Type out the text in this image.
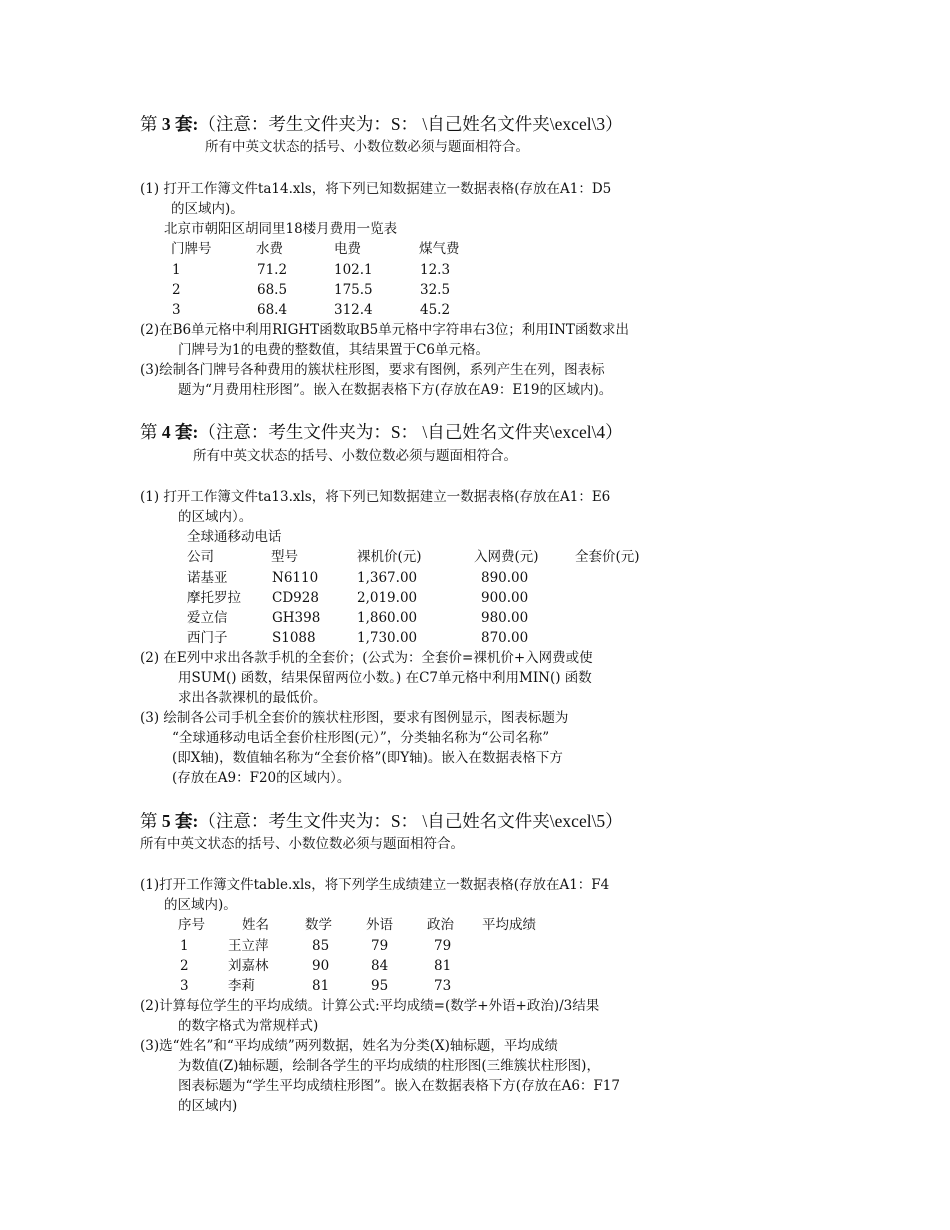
第 3 套:（注意：考生文件夹为：S： \自己姓名文件夹\excel\3）
所有中英文状态的括号、小数位数必须与题面相符合。
(1) 打开工作簿文件ta14.xls，将下列已知数据建立一数据表格(存放在A1：D5
的区域内)。
北京市朝阳区胡同里18楼月费用一览表
门牌号	水费	电费	煤气费
1	71.2	102.1	12.3
2	68.5	175.5	32.5
3	68.4	312.4	45.2
(2)在B6单元格中利用RIGHT函数取B5单元格中字符串右3位；利用INT函数求出
门牌号为1的电费的整数值，其结果置于C6单元格。
(3)绘制各门牌号各种费用的簇状柱形图，要求有图例，系列产生在列，图表标
题为“月费用柱形图”。嵌入在数据表格下方(存放在A9：E19的区域内)。
第 4 套:（注意：考生文件夹为：S： \自己姓名文件夹\excel\4）
所有中英文状态的括号、小数位数必须与题面相符合。
(1) 打开工作簿文件ta13.xls，将下列已知数据建立一数据表格(存放在A1：E6
的区域内）。
全球通移动电话
公司	型号	裸机价(元)	入网费(元)	全套价(元)
诺基亚	N6110	1,367.00	890.00
摩托罗拉 CD928	2,019.00	900.00
爱立信	GH398	1,860.00	980.00
西门子	S1088	1,730.00	870.00
(2) 在E列中求出各款手机的全套价；(公式为：全套价=裸机价+入网费或使
用SUM() 函数，结果保留两位小数。) 在C7单元格中利用MIN() 函数
求出各款裸机的最低价。
(3) 绘制各公司手机全套价的簇状柱形图，要求有图例显示，图表标题为
“全球通移动电话全套价柱形图(元）”，分类轴名称为“公司名称”
(即X轴)，数值轴名称为“全套价格”(即Y轴)。嵌入在数据表格下方
(存放在A9：F20的区域内）。
第 5 套:（注意：考生文件夹为：S： \自己姓名文件夹\excel\5）
所有中英文状态的括号、小数位数必须与题面相符合。
(1)打开工作簿文件table.xls，将下列学生成绩建立一数据表格(存放在A1：F4
的区域内)。
序号	姓名	数学	外语	政治 平均成绩
1	王立萍	85	79	79
2	刘嘉林	90	84	81
3	李莉	81	95	73
(2)计算每位学生的平均成绩。计算公式:平均成绩=(数学+外语+政治)/3结果
的数字格式为常规样式)
(3)选“姓名”和“平均成绩”两列数据，姓名为分类(X)轴标题，平均成绩
为数值(Z)轴标题，绘制各学生的平均成绩的柱形图(三维簇状柱形图)，
图表标题为“学生平均成绩柱形图”。嵌入在数据表格下方(存放在A6：F17
的区域内)
